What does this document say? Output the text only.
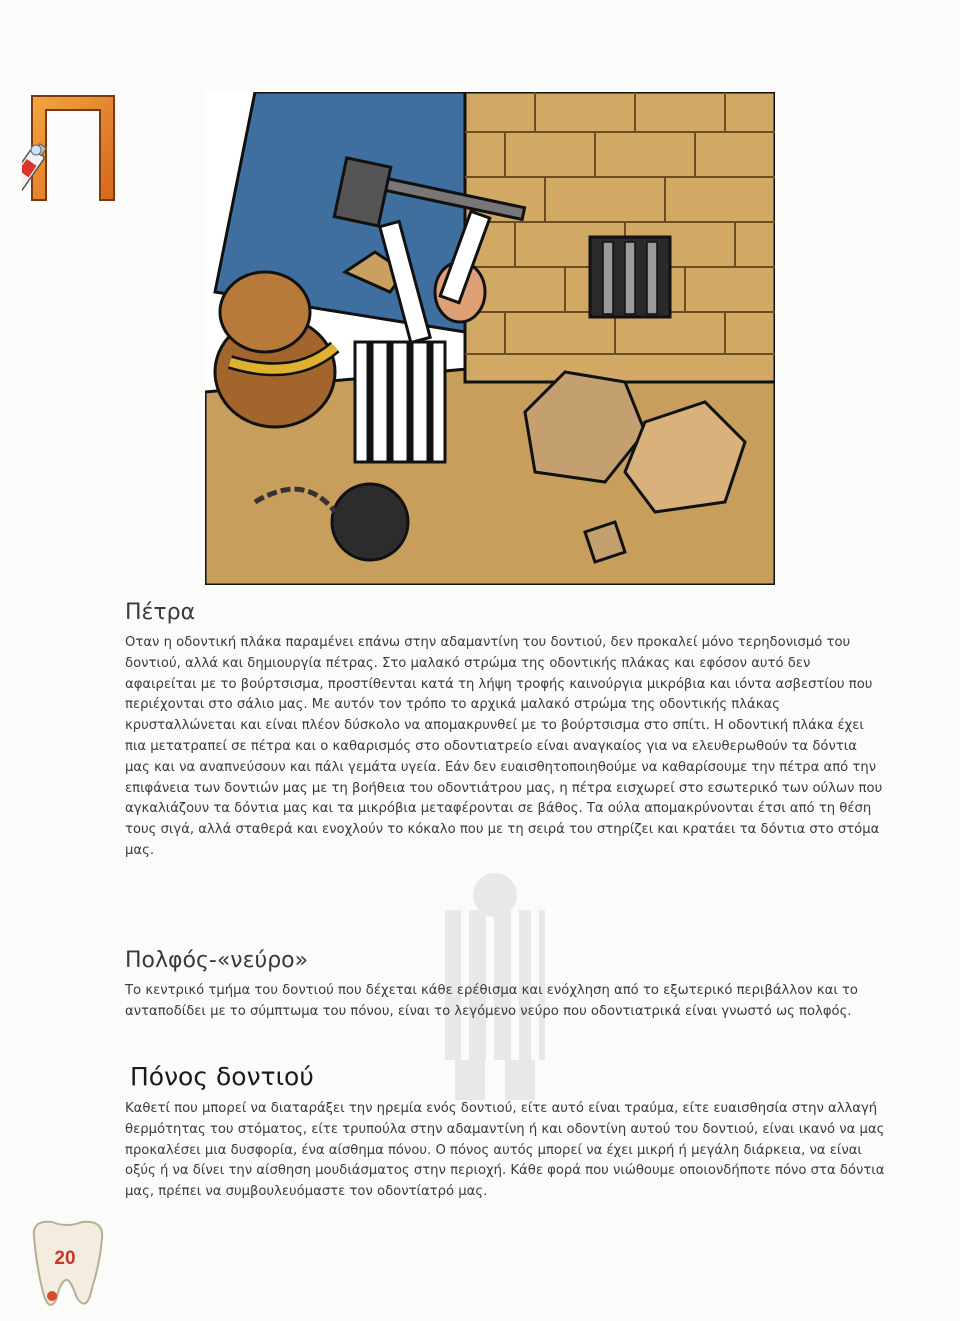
Πέτρα

Οταν η οδοντική πλάκα παραμένει επάνω στην αδαμαντίνη του δοντιού, δεν προκαλεί μόνο τερηδονισμό του δοντιού, αλλά και δημιουργία πέτρας. Στο μαλακό στρώμα της οδοντικής πλάκας και εφόσον αυτό δεν αφαιρείται με το βούρτσισμα, προστίθενται κατά τη λήψη τροφής καινούργια μικρόβια και ιόντα ασβεστίου που περιέχονται στο σάλιο μας. Με αυτόν τον τρόπο το αρχικά μαλακό στρώμα της οδοντικής πλάκας κρυσταλλώνεται και είναι πλέον δύσκολο να απομακρυνθεί με το βούρτσισμα στο σπίτι. Η οδοντική πλάκα έχει πια μετατραπεί σε πέτρα και ο καθαρισμός στο οδοντιατρείο είναι αναγκαίος για να ελευθερωθούν τα δόντια μας και να αναπνεύσουν και πάλι γεμάτα υγεία. Εάν δεν ευαισθητοποιηθούμε να καθαρίσουμε την πέτρα από την επιφάνεια των δοντιών μας με τη βοήθεια του οδοντιάτρου μας, η πέτρα εισχωρεί στο εσωτερικό των ούλων που αγκαλιάζουν τα δόντια μας και τα μικρόβια μεταφέρονται σε βάθος. Τα ούλα απομακρύνονται έτσι από τη θέση τους σιγά, αλλά σταθερά και ενοχλούν το κόκαλο που με τη σειρά του στηρίζει και κρατάει τα δόντια στο στόμα μας.

Πολφός-«νεύρο»

Το κεντρικό τμήμα του δοντιού που δέχεται κάθε ερέθισμα και ενόχληση από το εξωτερικό περιβάλλον και το ανταποδίδει με το σύμπτωμα του πόνου, είναι το λεγόμενο νεύρο που οδοντιατρικά είναι γνωστό ως πολφός.

Πόνος δοντιού

Καθετί που μπορεί να διαταράξει την ηρεμία ενός δοντιού, είτε αυτό είναι τραύμα, είτε ευαισθησία στην αλλαγή θερμότητας του στόματος, είτε τρυπούλα στην αδαμαντίνη ή και οδοντίνη αυτού του δοντιού, είναι ικανό να μας προκαλέσει μια δυσφορία, ένα αίσθημα πόνου. Ο πόνος αυτός μπορεί να έχει μικρή ή μεγάλη διάρκεια, να είναι οξύς ή να δίνει την αίσθηση μουδιάσματος στην περιοχή. Κάθε φορά που νιώθουμε οποιονδήποτε πόνο στα δόντια μας, πρέπει να συμβουλευόμαστε τον οδοντίατρό μας.

20
